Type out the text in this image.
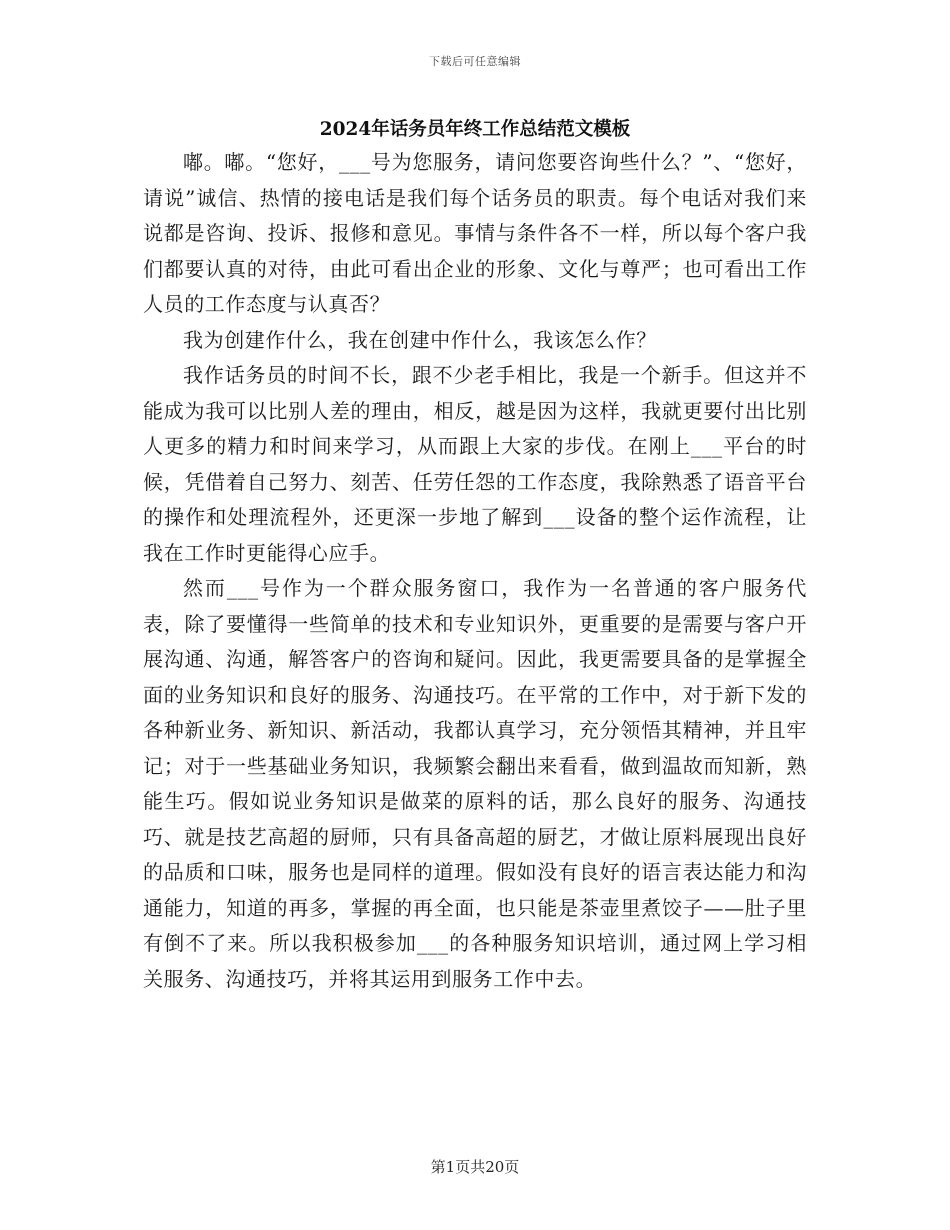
下载后可任意编辑
2024年话务员年终工作总结范文模板

嘟。嘟。“您好，___号为您服务，请问您要咨询些什么？”、“您好，请说”诚信、热情的接电话是我们每个话务员的职责。每个电话对我们来说都是咨询、投诉、报修和意见。事情与条件各不一样，所以每个客户我们都要认真的对待，由此可看出企业的形象、文化与尊严；也可看出工作人员的工作态度与认真否？

我为创建作什么，我在创建中作什么，我该怎么作？

我作话务员的时间不长，跟不少老手相比，我是一个新手。但这并不能成为我可以比别人差的理由，相反，越是因为这样，我就更要付出比别人更多的精力和时间来学习，从而跟上大家的步伐。在刚上___平台的时候，凭借着自己努力、刻苦、任劳任怨的工作态度，我除熟悉了语音平台的操作和处理流程外，还更深一步地了解到___设备的整个运作流程，让我在工作时更能得心应手。

然而___号作为一个群众服务窗口，我作为一名普通的客户服务代表，除了要懂得一些简单的技术和专业知识外，更重要的是需要与客户开展沟通、沟通，解答客户的咨询和疑问。因此，我更需要具备的是掌握全面的业务知识和良好的服务、沟通技巧。在平常的工作中，对于新下发的各种新业务、新知识、新活动，我都认真学习，充分领悟其精神，并且牢记；对于一些基础业务知识，我频繁会翻出来看看，做到温故而知新，熟能生巧。假如说业务知识是做菜的原料的话，那么良好的服务、沟通技巧、就是技艺高超的厨师，只有具备高超的厨艺，才做让原料展现出良好的品质和口味，服务也是同样的道理。假如没有良好的语言表达能力和沟通能力，知道的再多，掌握的再全面，也只能是茶壶里煮饺子——肚子里有倒不了来。所以我积极参加___的各种服务知识培训，通过网上学习相关服务、沟通技巧，并将其运用到服务工作中去。

第1页共20页
